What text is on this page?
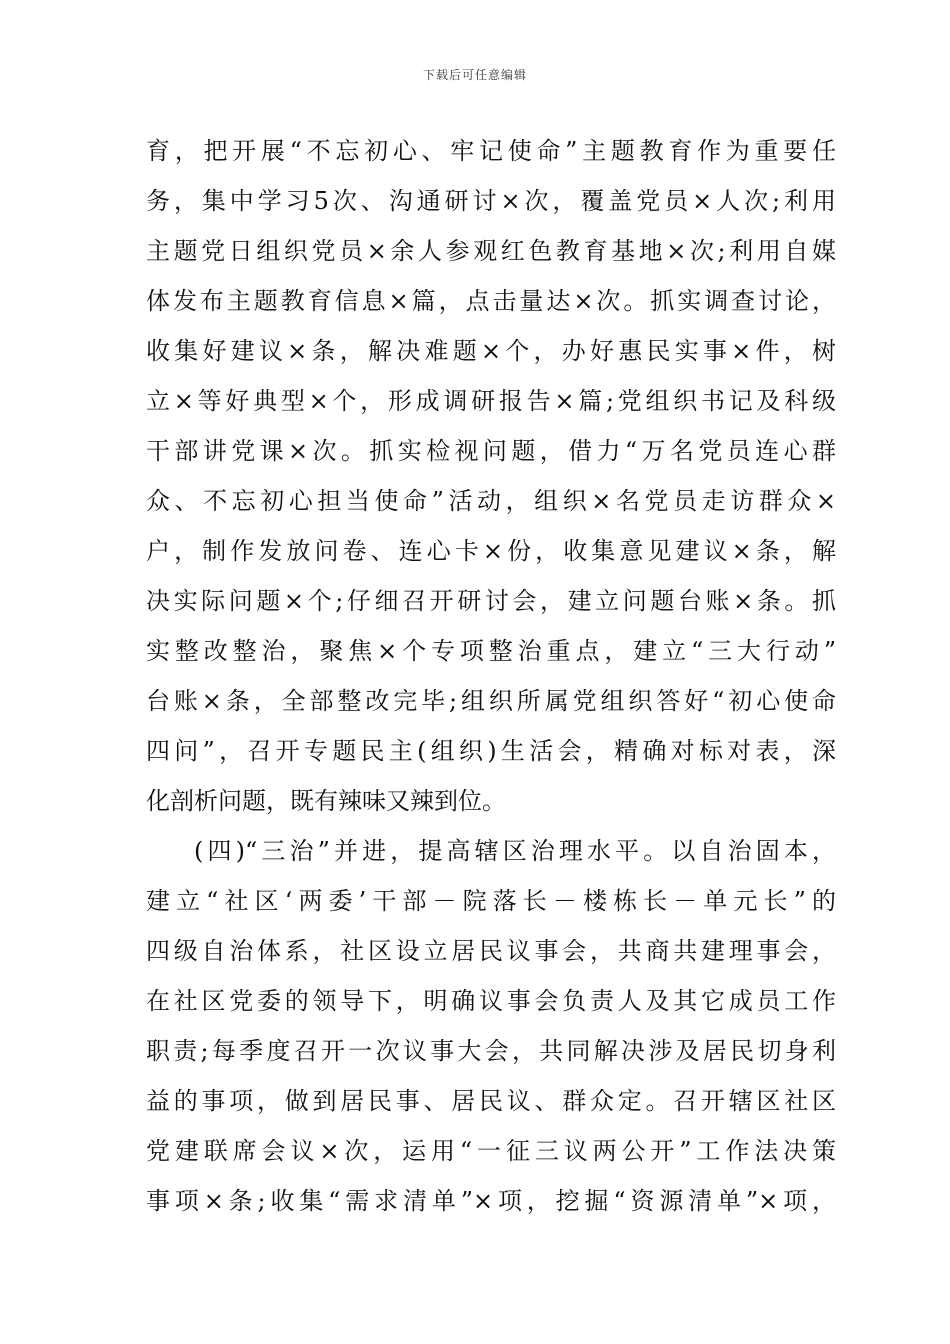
下载后可任意编辑
育，把开展“不忘初心、牢记使命”主题教育作为重要任
务，集中学习5次、沟通研讨×次，覆盖党员×人次;利用
主题党日组织党员×余人参观红色教育基地×次;利用自媒
体发布主题教育信息×篇，点击量达×次。抓实调查讨论，
收集好建议×条，解决难题×个，办好惠民实事×件，树
立×等好典型×个，形成调研报告×篇;党组织书记及科级
干部讲党课×次。抓实检视问题，借力“万名党员连心群
众、不忘初心担当使命”活动，组织×名党员走访群众×
户，制作发放问卷、连心卡×份，收集意见建议×条，解
决实际问题×个;仔细召开研讨会，建立问题台账×条。抓
实整改整治，聚焦×个专项整治重点，建立“三大行动”
台账×条，全部整改完毕;组织所属党组织答好“初心使命
四问”，召开专题民主(组织)生活会，精确对标对表，深
化剖析问题，既有辣味又辣到位。
(四)“三治”并进，提高辖区治理水平。以自治固本，
建立“社区‘两委’干部－院落长－楼栋长－单元长”的
四级自治体系，社区设立居民议事会，共商共建理事会，
在社区党委的领导下，明确议事会负责人及其它成员工作
职责;每季度召开一次议事大会，共同解决涉及居民切身利
益的事项，做到居民事、居民议、群众定。召开辖区社区
党建联席会议×次，运用“一征三议两公开”工作法决策
事项×条;收集“需求清单”×项，挖掘“资源清单”×项，
